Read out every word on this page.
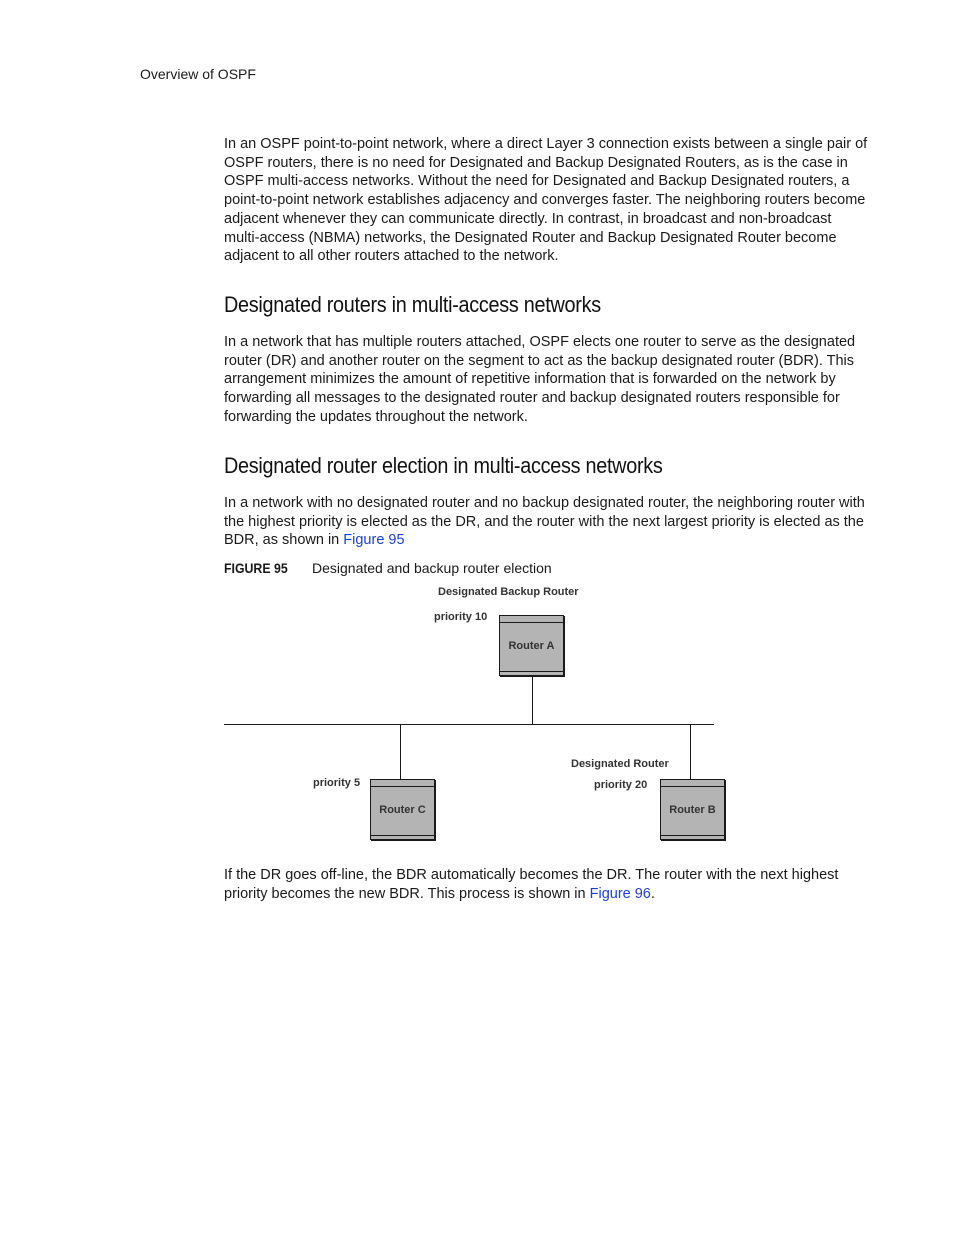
Overview of OSPF

In an OSPF point-to-point network, where a direct Layer 3 connection exists between a single pair of OSPF routers, there is no need for Designated and Backup Designated Routers, as is the case in OSPF multi-access networks. Without the need for Designated and Backup Designated routers, a point-to-point network establishes adjacency and converges faster. The neighboring routers become adjacent whenever they can communicate directly. In contrast, in broadcast and non-broadcast multi-access (NBMA) networks, the Designated Router and Backup Designated Router become adjacent to all other routers attached to the network.

Designated routers in multi-access networks

In a network that has multiple routers attached, OSPF elects one router to serve as the designated router (DR) and another router on the segment to act as the backup designated router (BDR). This arrangement minimizes the amount of repetitive information that is forwarded on the network by forwarding all messages to the designated router and backup designated routers responsible for forwarding the updates throughout the network.

Designated router election in multi-access networks

In a network with no designated router and no backup designated router, the neighboring router with the highest priority is elected as the DR, and the router with the next largest priority is elected as the BDR, as shown in Figure 95

FIGURE 95 Designated and backup router election
Designated Backup Router
priority 10
Router A
priority 5
Router C
Designated Router
priority 20
Router B

If the DR goes off-line, the BDR automatically becomes the DR. The router with the next highest priority becomes the new BDR. This process is shown in Figure 96.
